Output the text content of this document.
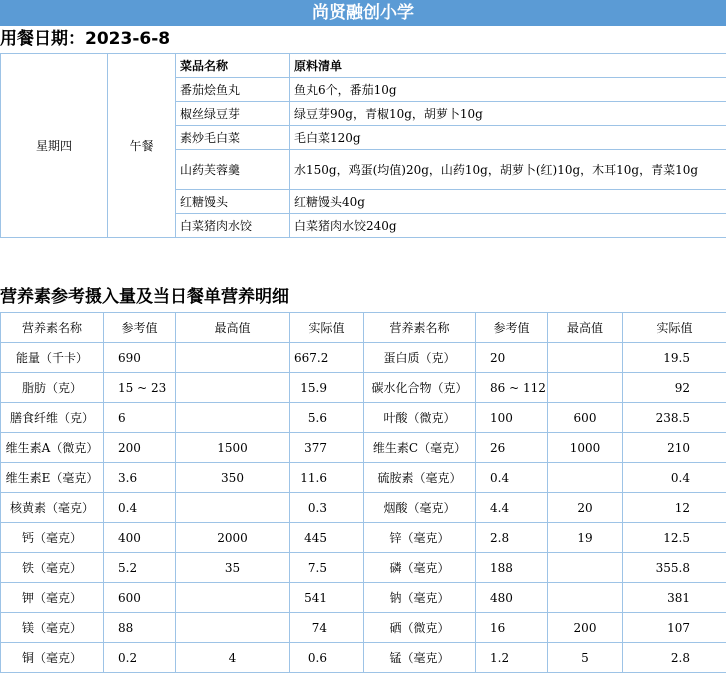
尚贤融创小学
用餐日期：2023-6-8
星期四	午餐	菜品名称	原料清单
		番茄烩鱼丸	鱼丸6个，番茄10g
		椒丝绿豆芽	绿豆芽90g，青椒10g，胡萝卜10g
		素炒毛白菜	毛白菜120g
		山药芙蓉羹	水150g，鸡蛋(均值)20g，山药10g，胡萝卜(红)10g，木耳10g，青菜10g
		红糖馒头	红糖馒头40g
		白菜猪肉水饺	白菜猪肉水饺240g
营养素参考摄入量及当日餐单营养明细
营养素名称	参考值	最高值	实际值	营养素名称	参考值	最高值	实际值
能量（千卡）	690		667.2	蛋白质（克）	20		19.5
脂肪（克）	15 ~ 23		15.9	碳水化合物（克）	86 ~ 112		92
膳食纤维（克）	6		5.6	叶酸（微克）	100	600	238.5
维生素A（微克）	200	1500	377	维生素C（毫克）	26	1000	210
维生素E（毫克）	3.6	350	11.6	硫胺素（毫克）	0.4		0.4
核黄素（毫克）	0.4		0.3	烟酸（毫克）	4.4	20	12
钙（毫克）	400	2000	445	锌（毫克）	2.8	19	12.5
铁（毫克）	5.2	35	7.5	磷（毫克）	188		355.8
钾（毫克）	600		541	钠（毫克）	480		381
镁（毫克）	88		74	硒（微克）	16	200	107
铜（毫克）	0.2	4	0.6	锰（毫克）	1.2	5	2.8
